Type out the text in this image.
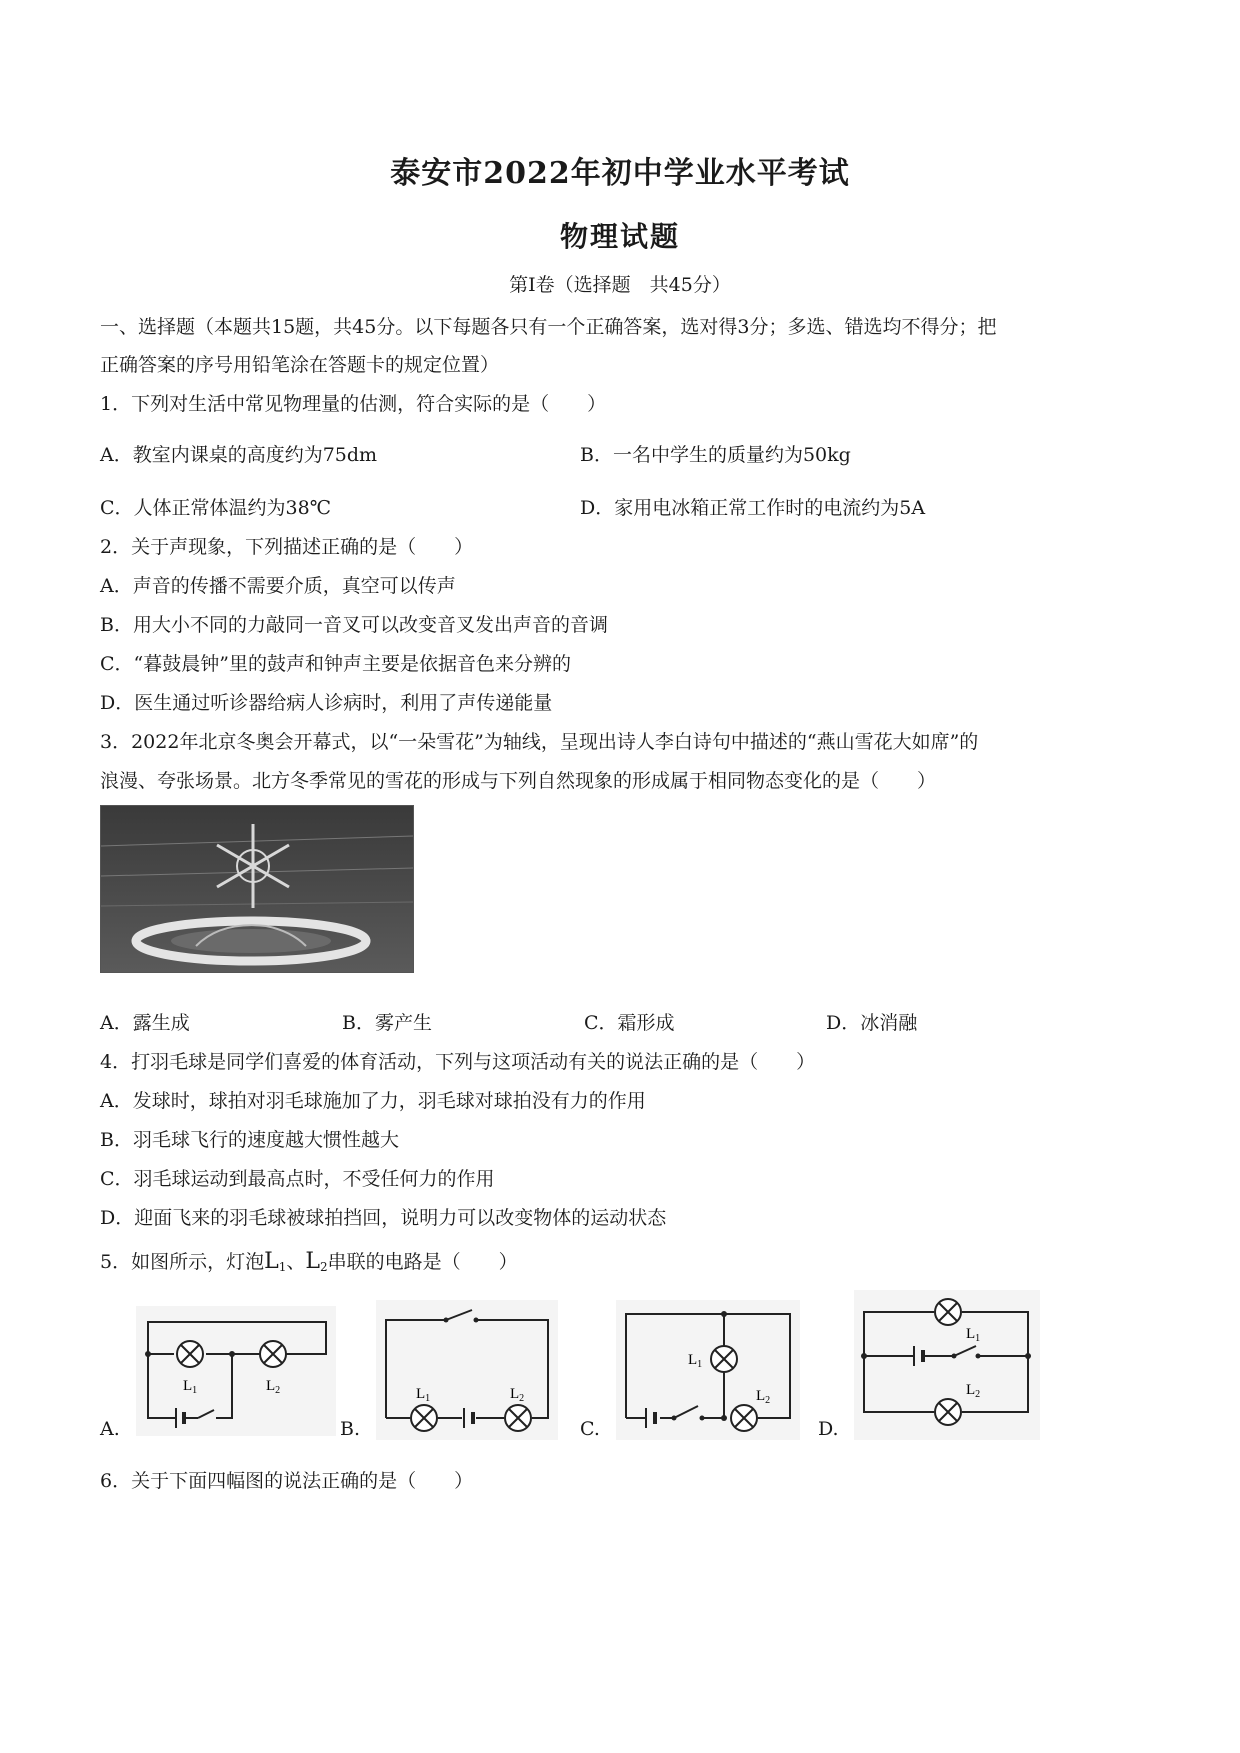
泰安市2022年初中学业水平考试
物理试题
第Ⅰ卷（选择题　共45分）
一、选择题（本题共15题，共45分。以下每题各只有一个正确答案，选对得3分；多选、错选均不得分；把
正确答案的序号用铅笔涂在答题卡的规定位置）
1．下列对生活中常见物理量的估测，符合实际的是（　　）
A．教室内课桌的高度约为75dm	B．一名中学生的质量约为50kg
C．人体正常体温约为38℃	D．家用电冰箱正常工作时的电流约为5A
2．关于声现象，下列描述正确的是（　　）
A．声音的传播不需要介质，真空可以传声
B．用大小不同的力敲同一音叉可以改变音叉发出声音的音调
C．“暮鼓晨钟”里的鼓声和钟声主要是依据音色来分辨的
D．医生通过听诊器给病人诊病时，利用了声传递能量
3．2022年北京冬奥会开幕式，以“一朵雪花”为轴线，呈现出诗人李白诗句中描述的“燕山雪花大如席”的
浪漫、夸张场景。北方冬季常见的雪花的形成与下列自然现象的形成属于相同物态变化的是（　　）
A．露生成	B．雾产生	C．霜形成	D．冰消融
4．打羽毛球是同学们喜爱的体育活动，下列与这项活动有关的说法正确的是（　　）
A．发球时，球拍对羽毛球施加了力，羽毛球对球拍没有力的作用
B．羽毛球飞行的速度越大惯性越大
C．羽毛球运动到最高点时，不受任何力的作用
D．迎面飞来的羽毛球被球拍挡回，说明力可以改变物体的运动状态
5．如图所示，灯泡$L_1$、$L_2$串联的电路是（　　）
A.
$L_1$	$L_2$
B.
$L_1$	$L_2$
C.
$L_1$
$L_2$
D.
$L_1$
$L_2$
6．关于下面四幅图的说法正确的是（　　）
